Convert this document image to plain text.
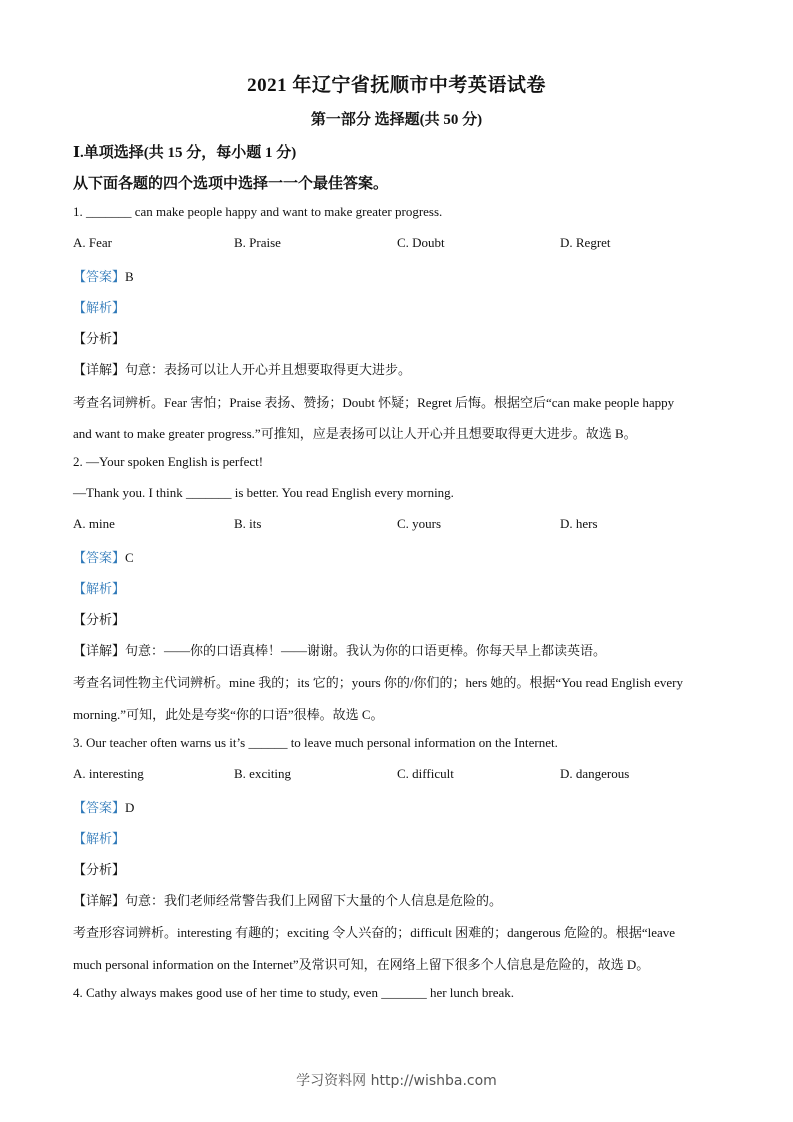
2021 年辽宁省抚顺市中考英语试卷
第一部分 选择题(共 50 分)
Ⅰ.单项选择(共 15 分，每小题 1 分)
从下面各题的四个选项中选择一一个最佳答案。
1. _______ can make people happy and want to make greater progress.
A. Fear	B. Praise	C. Doubt	D. Regret
【答案】B
【解析】
【分析】
【详解】句意：表扬可以让人开心并且想要取得更大进步。
考查名词辨析。Fear 害怕；Praise 表扬、赞扬；Doubt 怀疑；Regret 后悔。根据空后“can make people happy
and want to make greater progress.”可推知，应是表扬可以让人开心并且想要取得更大进步。故选 B。
2. —Your spoken English is perfect!
—Thank you. I think _______ is better. You read English every morning.
A. mine	B. its	C. yours	D. hers
【答案】C
【解析】
【分析】
【详解】句意：——你的口语真棒！——谢谢。我认为你的口语更棒。你每天早上都读英语。
考查名词性物主代词辨析。mine 我的；its 它的；yours 你的/你们的；hers 她的。根据“You read English every
morning.”可知，此处是夸奖“你的口语”很棒。故选 C。
3. Our teacher often warns us it’s ______ to leave much personal information on the Internet.
A. interesting	B. exciting	C. difficult	D. dangerous
【答案】D
【解析】
【分析】
【详解】句意：我们老师经常警告我们上网留下大量的个人信息是危险的。
考查形容词辨析。interesting 有趣的；exciting 令人兴奋的；difficult 困难的；dangerous 危险的。根据“leave
much personal information on the Internet”及常识可知，在网络上留下很多个人信息是危险的，故选 D。
4. Cathy always makes good use of her time to study, even _______ her lunch break.
学习资料网 http://wishba.com
